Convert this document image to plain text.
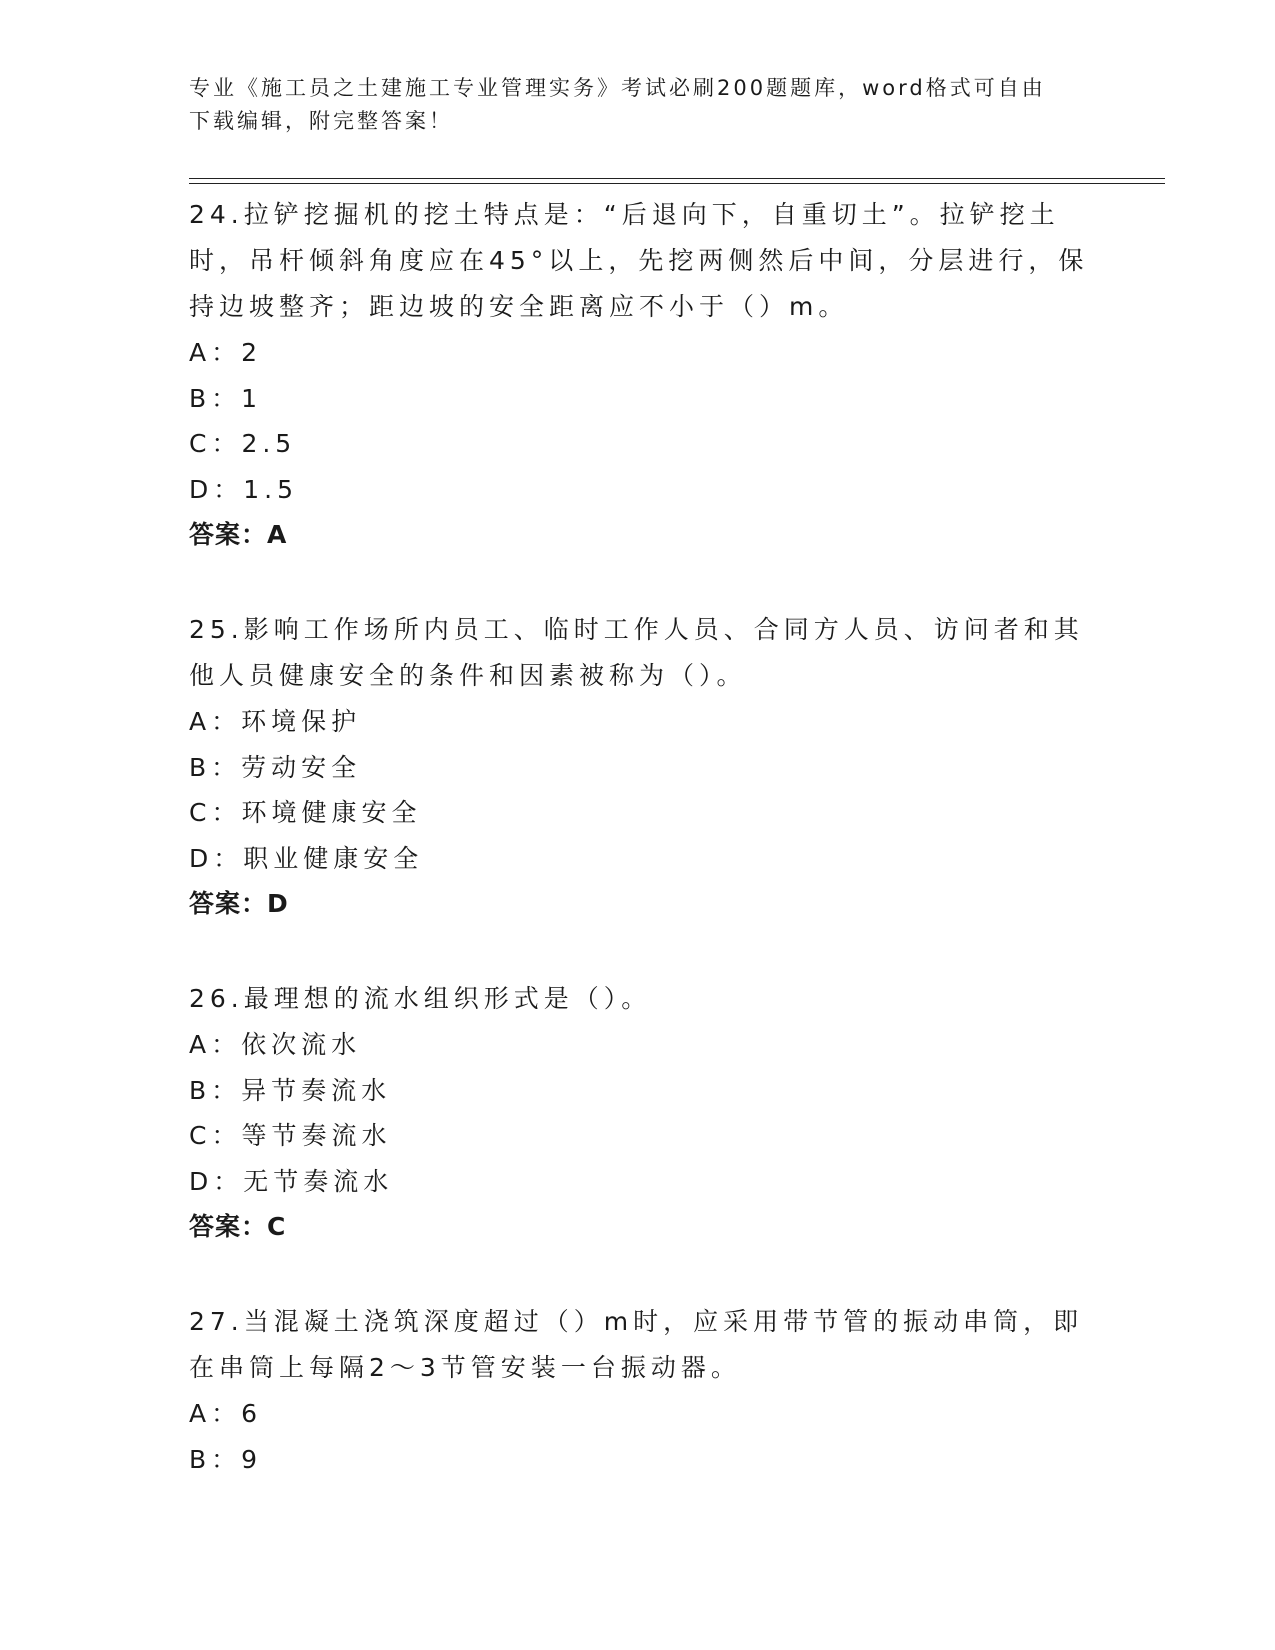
专业《施工员之土建施工专业管理实务》考试必刷200题题库，word格式可自由
下载编辑，附完整答案！

24.拉铲挖掘机的挖土特点是：“后退向下，自重切土”。拉铲挖土时，吊杆倾斜角度应在45°以上，先挖两侧然后中间，分层进行，保持边坡整齐；距边坡的安全距离应不小于（）m。

A：2

B：1

C：2.5

D：1.5

答案：A

25.影响工作场所内员工、临时工作人员、合同方人员、访问者和其他人员健康安全的条件和因素被称为（）。

A：环境保护

B：劳动安全

C：环境健康安全

D：职业健康安全

答案：D

26.最理想的流水组织形式是（）。

A：依次流水

B：异节奏流水

C：等节奏流水

D：无节奏流水

答案：C

27.当混凝土浇筑深度超过（）m时，应采用带节管的振动串筒，即在串筒上每隔2～3节管安装一台振动器。

A：6

B：9
